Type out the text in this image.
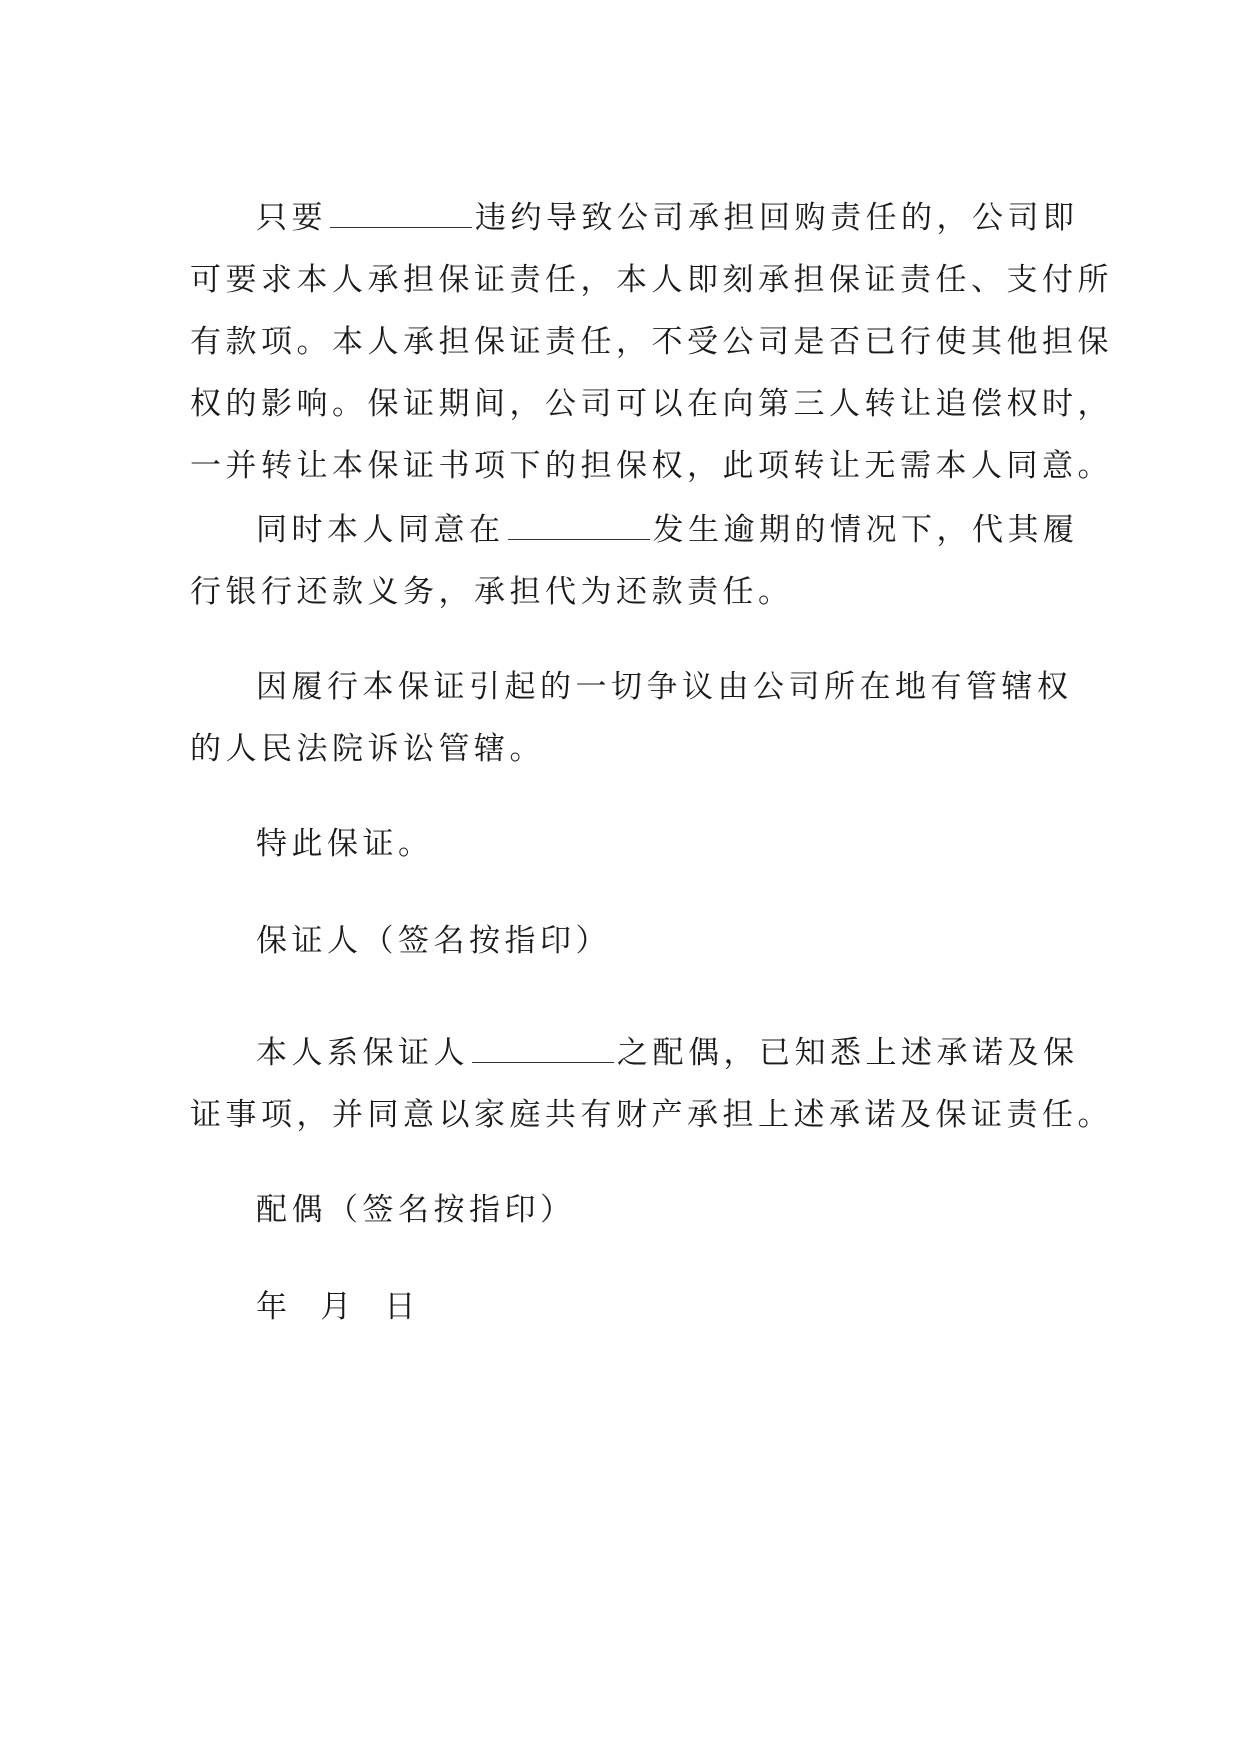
只要	违约导致公司承担回购责任的，公司即
可要求本人承担保证责任，本人即刻承担保证责任、支付所
有款项。本人承担保证责任，不受公司是否已行使其他担保
权的影响。保证期间，公司可以在向第三人转让追偿权时，
一并转让本保证书项下的担保权，此项转让无需本人同意。
同时本人同意在	发生逾期的情况下，代其履
行银行还款义务，承担代为还款责任。
因履行本保证引起的一切争议由公司所在地有管辖权
的人民法院诉讼管辖。
特此保证。
保证人（签名按指印）
本人系保证人	之配偶，已知悉上述承诺及保
证事项，并同意以家庭共有财产承担上述承诺及保证责任。
配偶（签名按指印）
年  月  日
